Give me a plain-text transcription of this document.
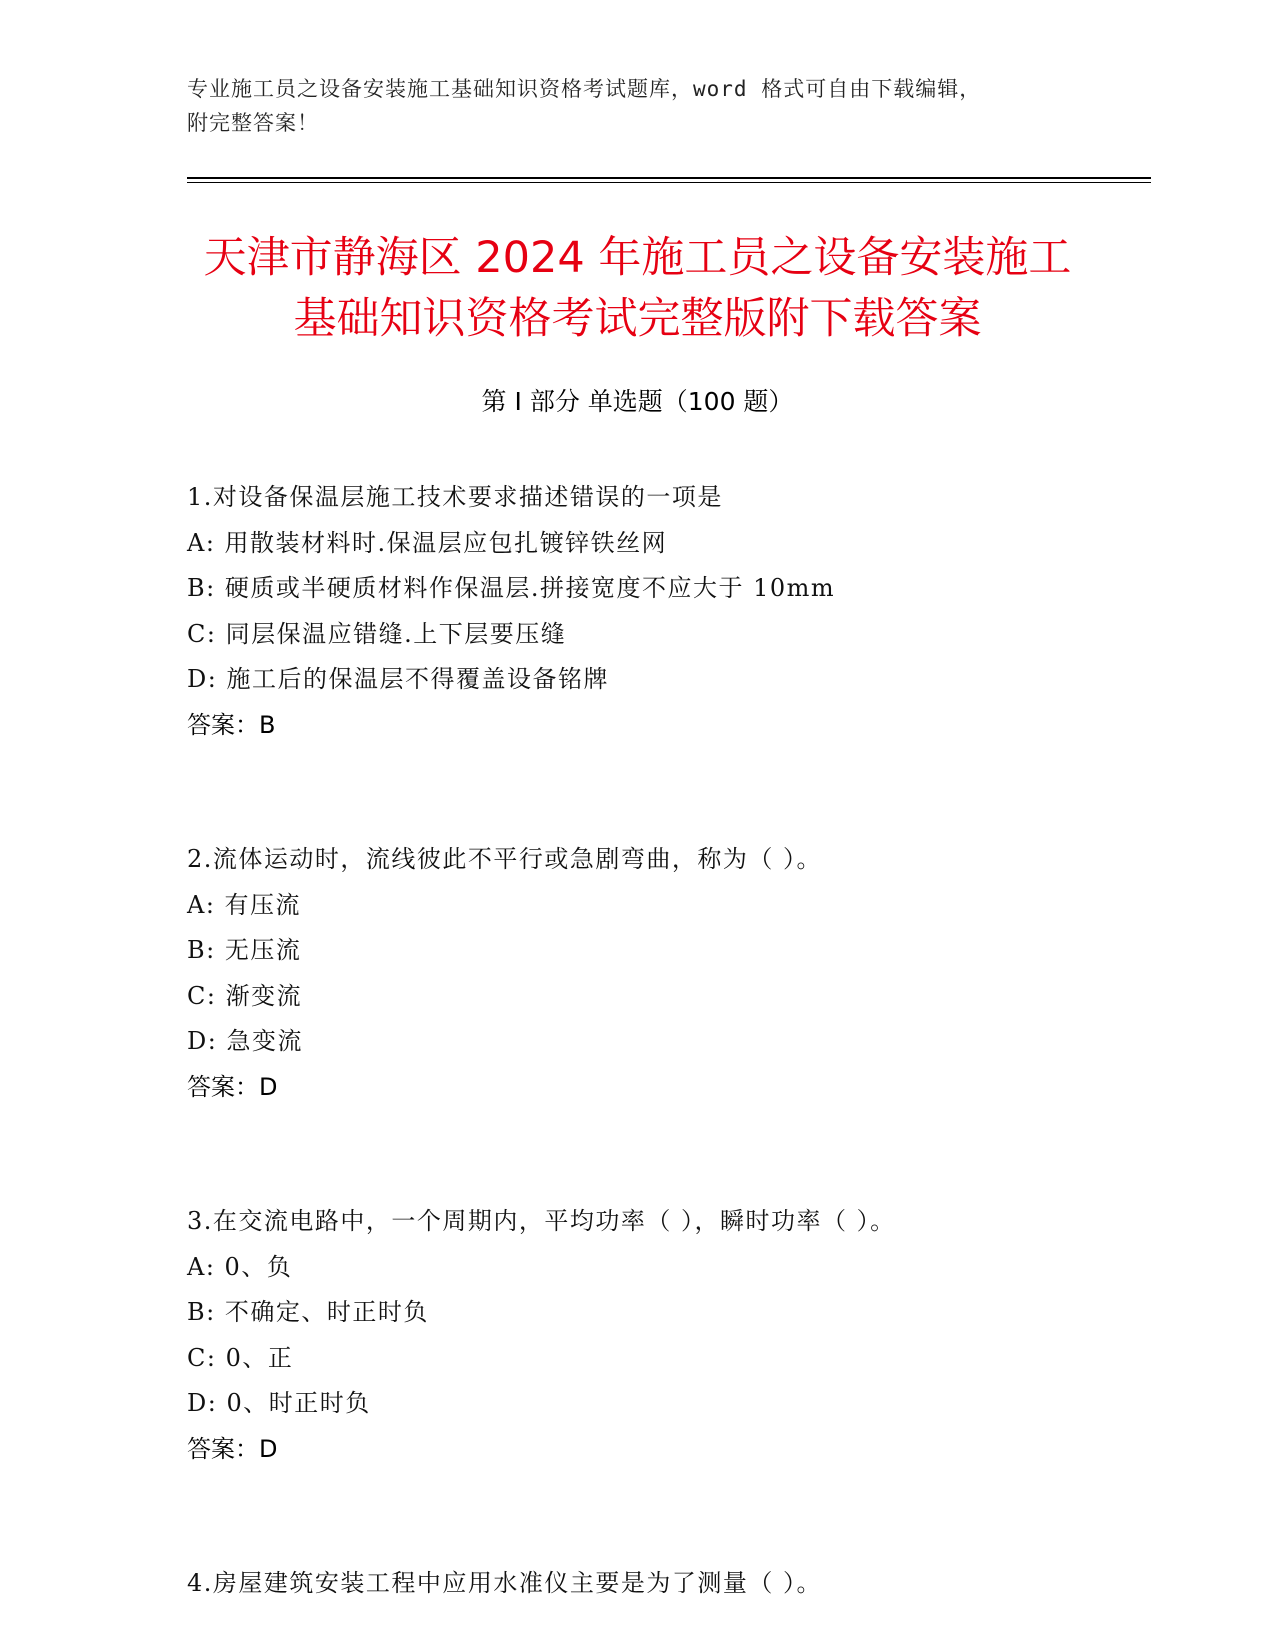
专业施工员之设备安装施工基础知识资格考试题库，word 格式可自由下载编辑，
附完整答案！
天津市静海区 2024 年施工员之设备安装施工
基础知识资格考试完整版附下载答案
第 I 部分 单选题（100 题）
1.对设备保温层施工技术要求描述错误的一项是
A: 用散装材料时.保温层应包扎镀锌铁丝网
B: 硬质或半硬质材料作保温层.拼接宽度不应大于 10mm
C: 同层保温应错缝.上下层要压缝
D: 施工后的保温层不得覆盖设备铭牌
答案：B
2.流体运动时，流线彼此不平行或急剧弯曲，称为（ ）。
A: 有压流
B: 无压流
C: 渐变流
D: 急变流
答案：D
3.在交流电路中，一个周期内，平均功率（ ），瞬时功率（ ）。
A: 0、负
B: 不确定、时正时负
C: 0、正
D: 0、时正时负
答案：D
4.房屋建筑安装工程中应用水准仪主要是为了测量（ ）。
